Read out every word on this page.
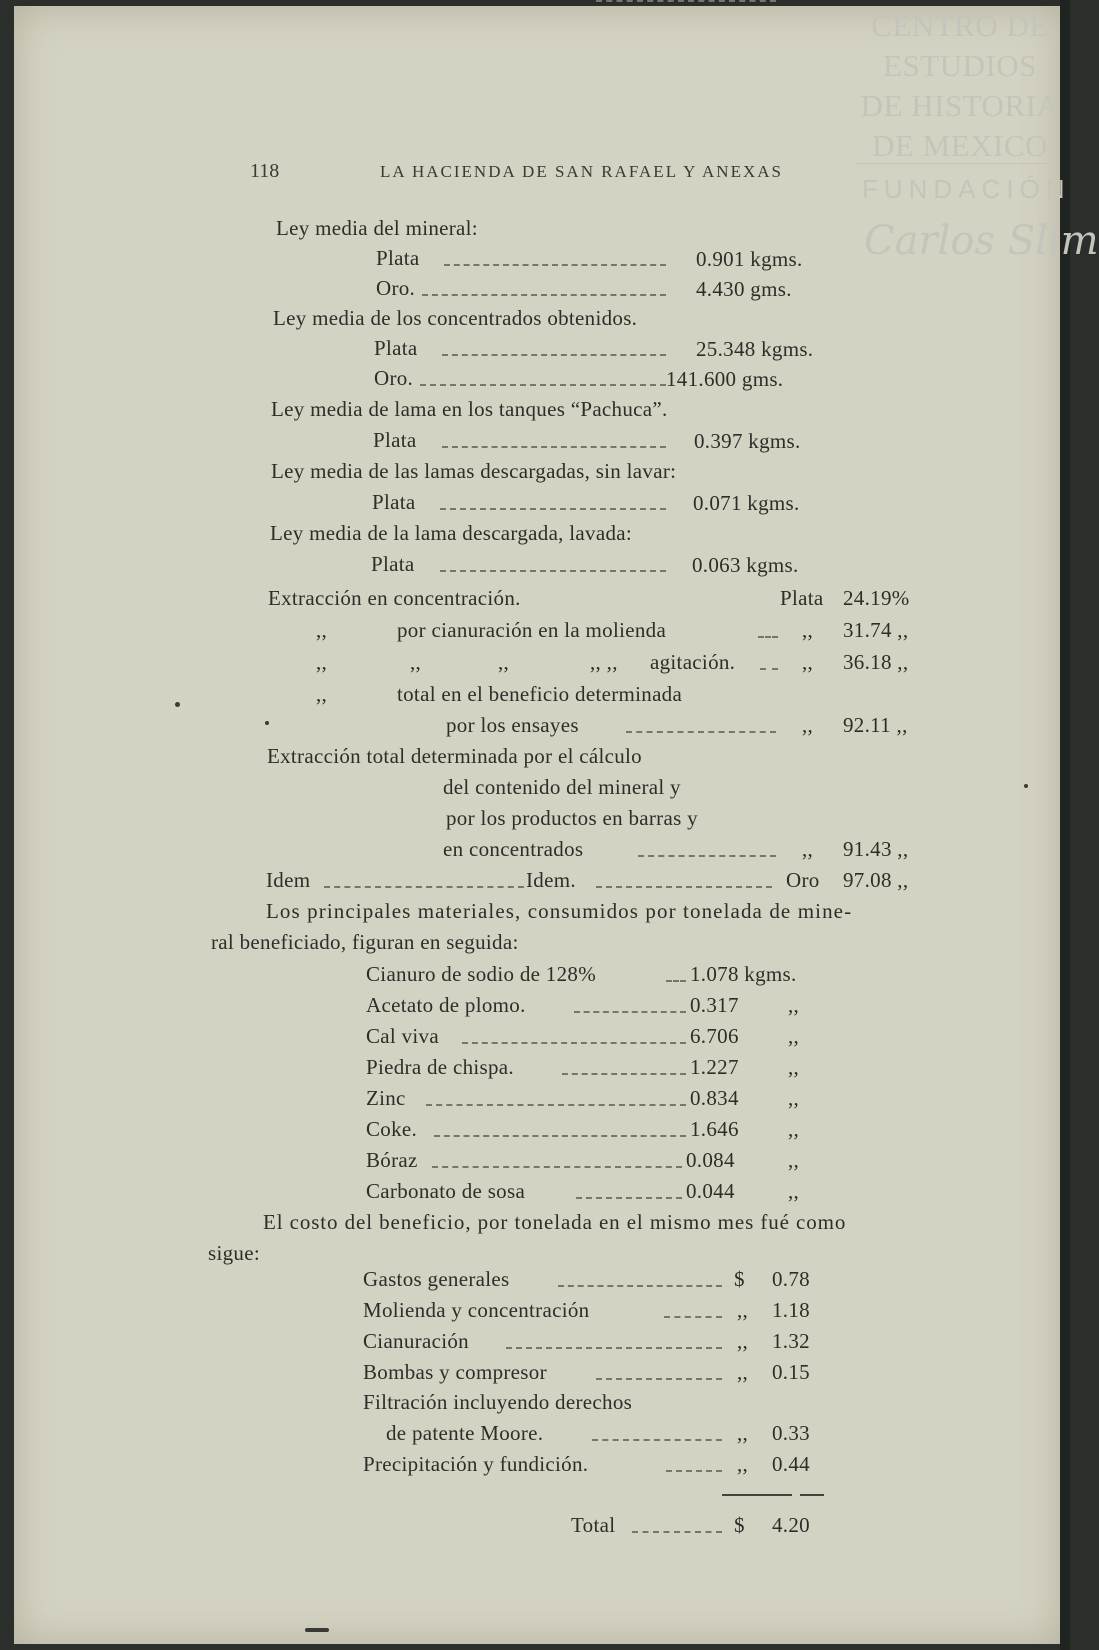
CENTRO DE
ESTUDIOS
DE HISTORIA
DE MEXICO
FUNDACIÓN
Carlos Slim
118	LA HACIENDA DE SAN RAFAEL Y ANEXAS
Ley media del mineral:
Plata	0.901 kgms.
Oro.	4.430 gms.
Ley media de los concentrados obtenidos.
Plata	25.348 kgms.
Oro.	141.600 gms.
Ley media de lama en los tanques “Pachuca”.
Plata	0.397 kgms.
Ley media de las lamas descargadas, sin lavar:
Plata	0.071 kgms.
Ley media de la lama descargada, lavada:
Plata	0.063 kgms.
Extracción en concentración.	Plata 24.19%
,,	por cianuración en la molienda	,, 31.74 ,,
,,	,,	,,	,, ,, agitación.	,, 36.18 ,,
,,	total en el beneficio determinada
por los ensayes	,, 92.11 ,,
Extracción total determinada por el cálculo
del contenido del mineral y
por los productos en barras y
en concentrados	,, 91.43 ,,
Idem	Idem.	Oro 97.08 ,,
Los principales materiales, consumidos por tonelada de mine-
ral beneficiado, figuran en seguida:
Cianuro de sodio de 128%	1.078 kgms.
Acetato de plomo.	0.317 ,,
Cal viva	6.706 ,,
Piedra de chispa.	1.227 ,,
Zinc	0.834 ,,
Coke.	1.646 ,,
Bóraz	0.084	,,
Carbonato de sosa	0.044	,,
El costo del beneficio, por tonelada en el mismo mes fué como
sigue:
Gastos generales	$ 0.78
Molienda y concentración	,, 1.18
Cianuración	,, 1.32
Bombas y compresor	,, 0.15
Filtración incluyendo derechos
de patente Moore.	,, 0.33
Precipitación y fundición.	,, 0.44
Total	$ 4.20
